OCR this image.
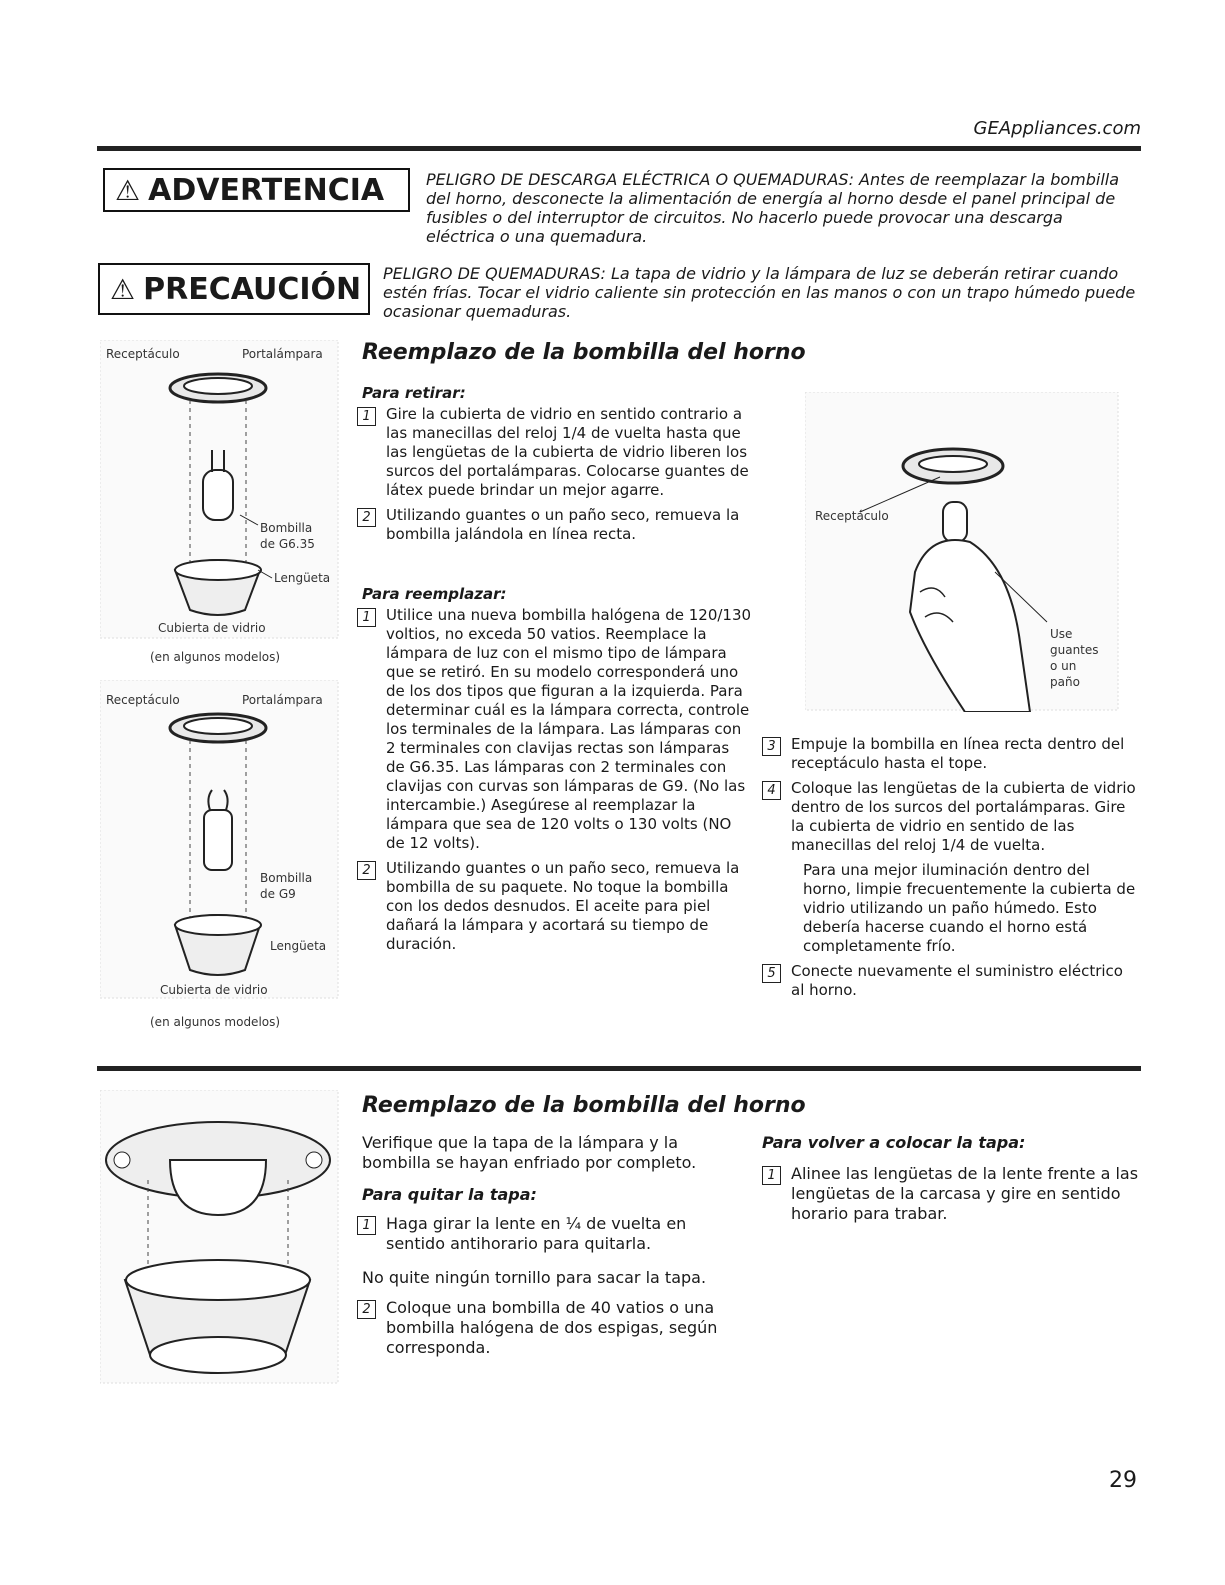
GEAppliances.com
⚠ ADVERTENCIA	PELIGRO DE DESCARGA ELÉCTRICA O QUEMADURAS: Antes de reemplazar la bombilla del horno, desconecte la alimentación de energía al horno desde el panel principal de fusibles o del interruptor de circuitos. No hacerlo puede provocar una descarga eléctrica o una quemadura.
⚠ PRECAUCIÓN PELIGRO DE QUEMADURAS: La tapa de vidrio y la lámpara de luz se deberán retirar cuando estén frías. Tocar el vidrio caliente sin protección en las manos o con un trapo húmedo puede ocasionar quemaduras.
Receptáculo	Portalámpara
Bombilla
de G6.35
Lengüeta
Cubierta de vidrio
(en algunos modelos)
Receptáculo	Portalámpara
Bombilla
de G9
Lengüeta
Cubierta de vidrio
(en algunos modelos)
Reemplazo de la bombilla del horno
Para retirar:
1	Gire la cubierta de vidrio en sentido contrario a las manecillas del reloj 1/4 de vuelta hasta que las lengüetas de la cubierta de vidrio liberen los surcos del portalámparas. Colocarse guantes de látex puede brindar un mejor agarre.
2	Utilizando guantes o un paño seco, remueva la bombilla jalándola en línea recta.
Para reemplazar:
1	Utilice una nueva bombilla halógena de 120/130 voltios, no exceda 50 vatios. Reemplace la lámpara de luz con el mismo tipo de lámpara que se retiró. En su modelo corresponderá uno de los dos tipos que figuran a la izquierda. Para determinar cuál es la lámpara correcta, controle los terminales de la lámpara. Las lámparas con 2 terminales con clavijas rectas son lámparas de G6.35. Las lámparas con 2 terminales con clavijas con curvas son lámparas de G9. (No las intercambie.) Asegúrese al reemplazar la lámpara que sea de 120 volts o 130 volts (NO de 12 volts).
2	Utilizando guantes o un paño seco, remueva la bombilla de su paquete. No toque la bombilla con los dedos desnudos. El aceite para piel dañará la lámpara y acortará su tiempo de duración.
Receptáculo
Use
guantes
o un
paño
3	Empuje la bombilla en línea recta dentro del receptáculo hasta el tope.
4	Coloque las lengüetas de la cubierta de vidrio dentro de los surcos del portalámparas. Gire la cubierta de vidrio en sentido de las manecillas del reloj 1/4 de vuelta.
Para una mejor iluminación dentro del horno, limpie frecuentemente la cubierta de vidrio utilizando un paño húmedo. Esto debería hacerse cuando el horno está completamente frío.
5	Conecte nuevamente el suministro eléctrico al horno.
Reemplazo de la bombilla del horno
Verifique que la tapa de la lámpara y la bombilla se hayan enfriado por completo.
Para quitar la tapa:
1 Haga girar la lente en ¼ de vuelta en sentido antihorario para quitarla.
No quite ningún tornillo para sacar la tapa.
2 Coloque una bombilla de 40 vatios o una bombilla halógena de dos espigas, según corresponda.
Para volver a colocar la tapa:
1 Alinee las lengüetas de la lente frente a las lengüetas de la carcasa y gire en sentido horario para trabar.
29
